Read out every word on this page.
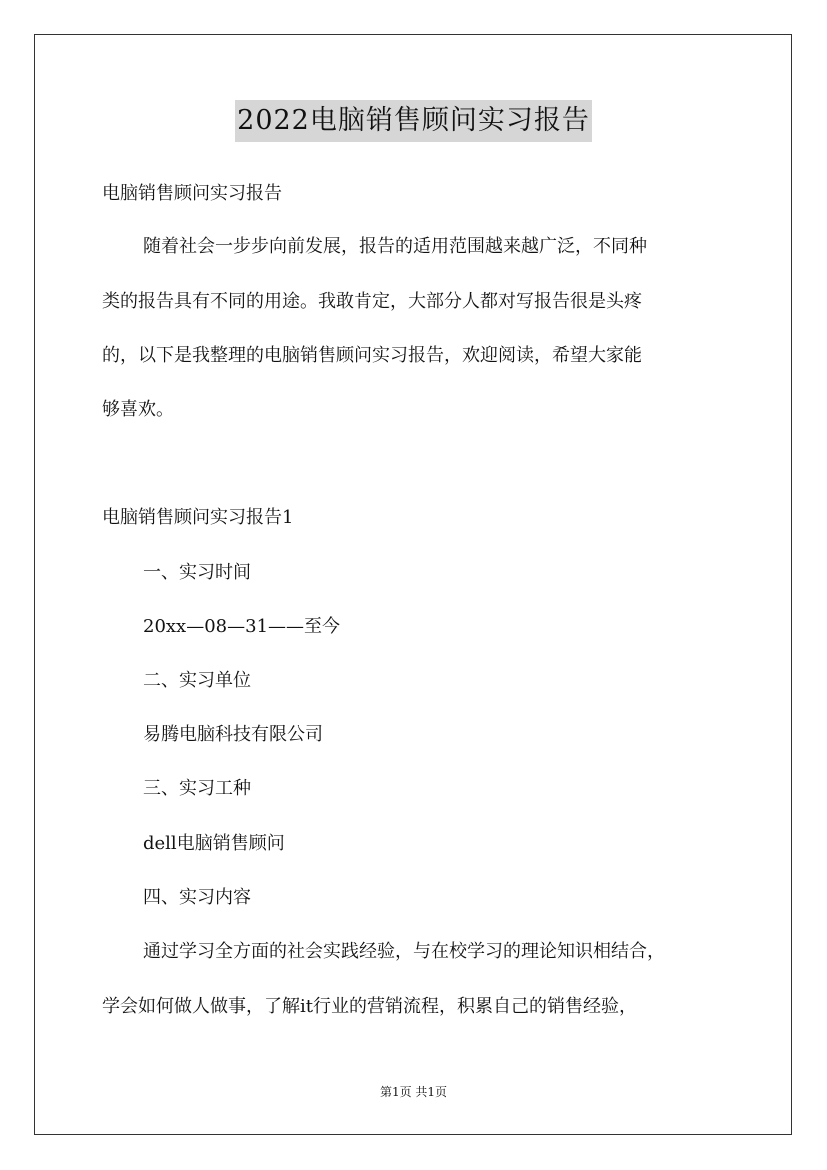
2022电脑销售顾问实习报告
电脑销售顾问实习报告
随着社会一步步向前发展，报告的适用范围越来越广泛，不同种
类的报告具有不同的用途。我敢肯定，大部分人都对写报告很是头疼
的，以下是我整理的电脑销售顾问实习报告，欢迎阅读，希望大家能
够喜欢。
电脑销售顾问实习报告1
一、实习时间
20xx—08—31——至今
二、实习单位
易腾电脑科技有限公司
三、实习工种
dell电脑销售顾问
四、实习内容
通过学习全方面的社会实践经验，与在校学习的理论知识相结合，
学会如何做人做事，了解it行业的营销流程，积累自己的销售经验，
第1页 共1页
